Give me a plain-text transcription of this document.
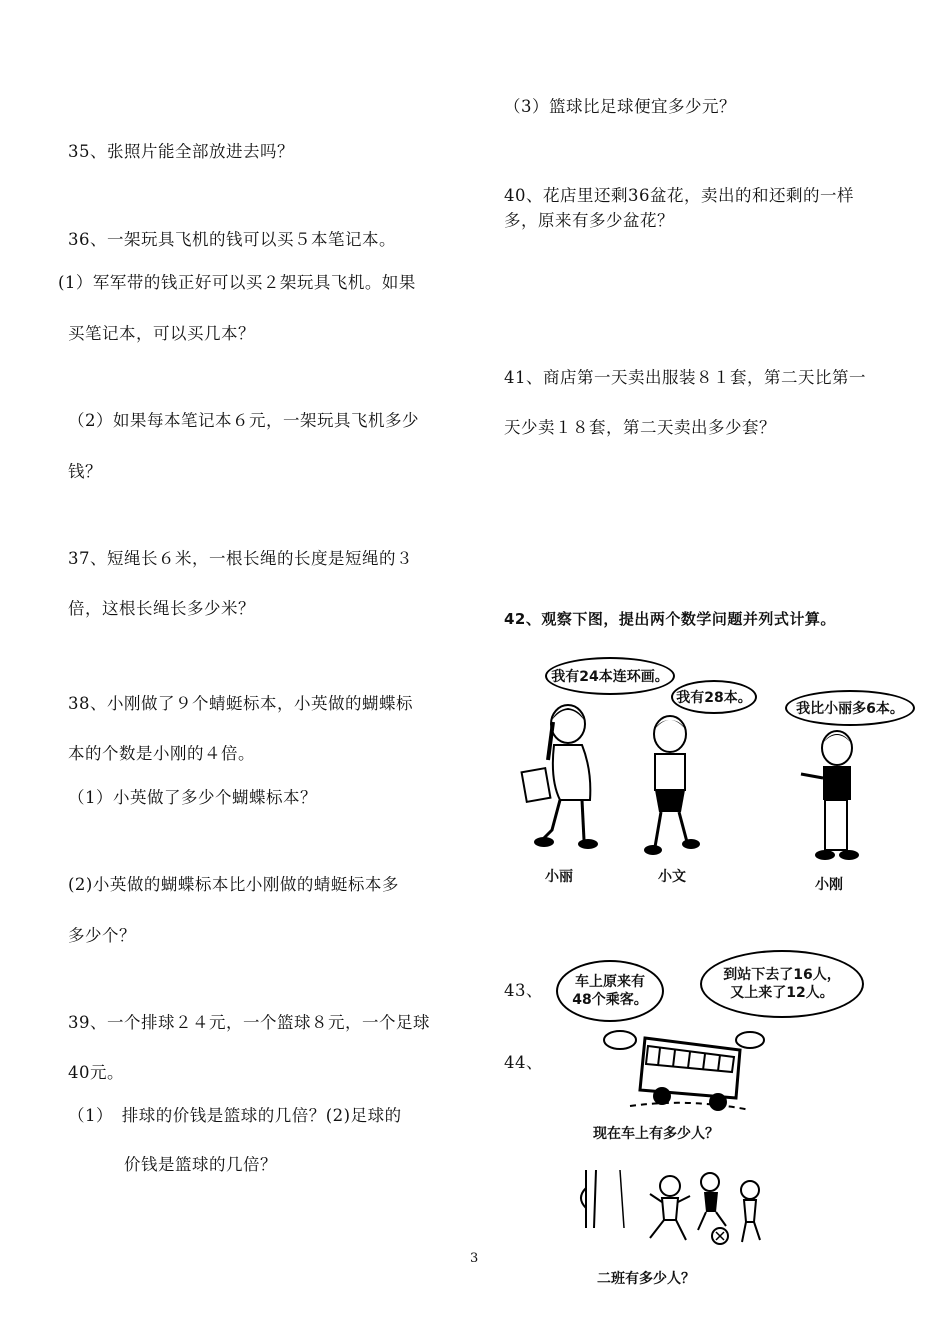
35、张照片能全部放进去吗？
36、一架玩具飞机的钱可以买５本笔记本。
(1）军军带的钱正好可以买２架玩具飞机。如果
买笔记本，可以买几本？
（2）如果每本笔记本６元，一架玩具飞机多少
钱？
37、短绳长６米，一根长绳的长度是短绳的３
倍，这根长绳长多少米？
38、小刚做了９个蜻蜓标本，小英做的蝴蝶标
本的个数是小刚的４倍。
（1）小英做了多少个蝴蝶标本？
(2)小英做的蝴蝶标本比小刚做的蜻蜓标本多
多少个？
39、一个排球２４元，一个篮球８元，一个足球
40元。
（1）　排球的价钱是篮球的几倍？(2)足球的
价钱是篮球的几倍？
（3）篮球比足球便宜多少元？
40、花店里还剩36盆花，卖出的和还剩的一样
多，原来有多少盆花？
41、商店第一天卖出服装８１套，第二天比第一
天少卖１８套，第二天卖出多少套？
42、观察下图，提出两个数学问题并列式计算。
我有24本连环画。
我有28本。
我比小丽多6本。
小丽	小文	小刚
43、
44、
车上原来有
48个乘客。
到站下去了16人，
又上来了12人。
现在车上有多少人？
3
二班有多少人？
